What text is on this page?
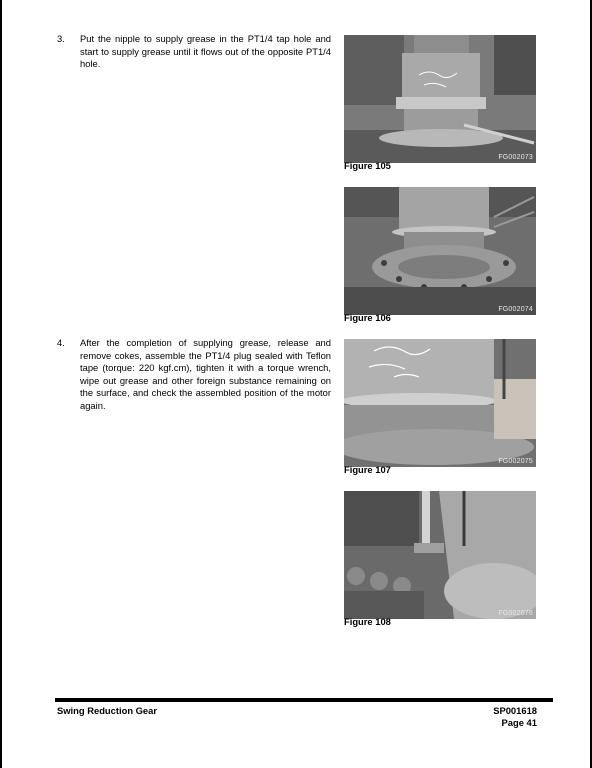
3. Put the nipple to supply grease in the PT1/4 tap hole and start to supply grease until it flows out of the opposite PT1/4 hole.
4. After the completion of supplying grease, release and remove cokes, assemble the PT1/4 plug sealed with Teflon tape (torque: 220 kgf.cm), tighten it with a torque wrench, wipe out grease and other foreign substance remaining on the surface, and check the assembled position of the motor again.
FG002073
Figure 105
FG002074
Figure 106
FG002075
Figure 107
FG002076
Figure 108
Swing Reduction Gear	SP001618
Page 41
